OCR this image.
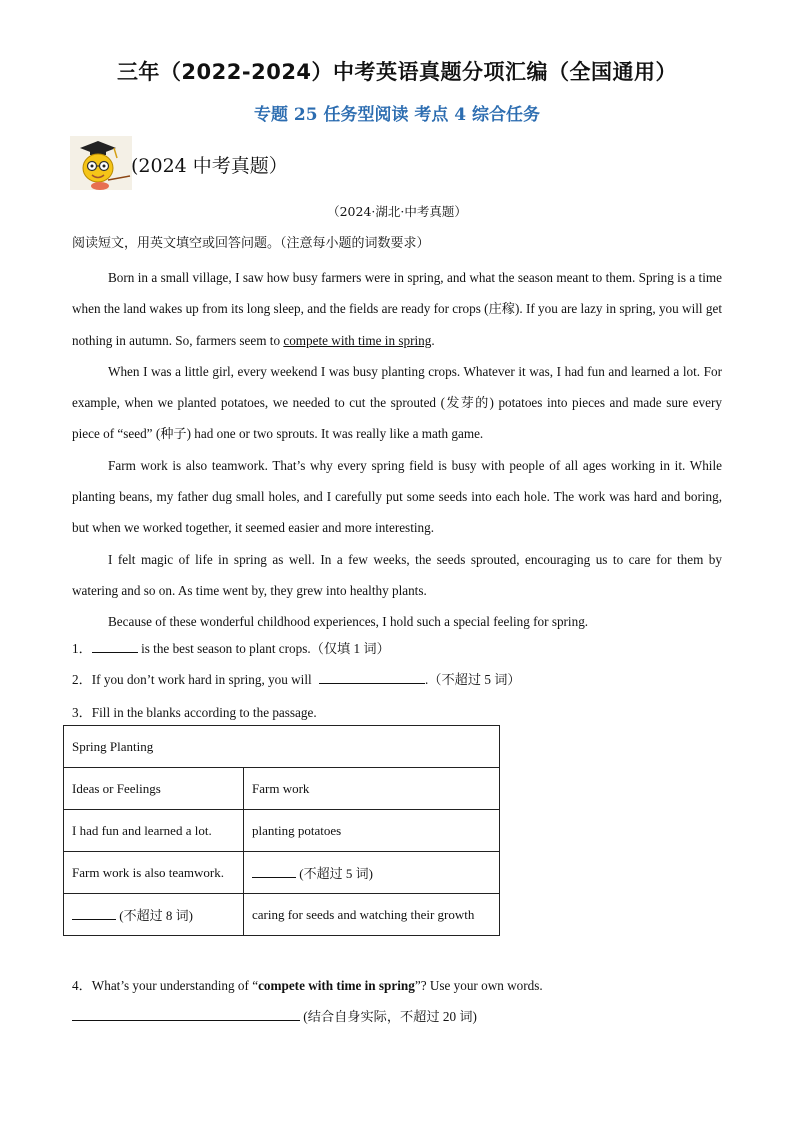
三年（2022-2024）中考英语真题分项汇编（全国通用）
专题 25 任务型阅读 考点 4 综合任务
(2024 中考真题）
（2024·湖北·中考真题）
阅读短文，用英文填空或回答问题。（注意每小题的词数要求）

Born in a small village, I saw how busy farmers were in spring, and what the season meant to them. Spring is a time when the land wakes up from its long sleep, and the fields are ready for crops (庄稼). If you are lazy in spring, you will get nothing in autumn. So, farmers seem to compete with time in spring.

When I was a little girl, every weekend I was busy planting crops. Whatever it was, I had fun and learned a lot. For example, when we planted potatoes, we needed to cut the sprouted (发芽的) potatoes into pieces and made sure every piece of “seed” (种子) had one or two sprouts. It was really like a math game.

Farm work is also teamwork. That’s why every spring field is busy with people of all ages working in it. While planting beans, my father dug small holes, and I carefully put some seeds into each hole. The work was hard and boring, but when we worked together, it seemed easier and more interesting.

I felt magic of life in spring as well. In a few weeks, the seeds sprouted, encouraging us to care for them by watering and so on. As time went by, they grew into healthy plants.

Because of these wonderful childhood experiences, I hold such a special feeling for spring.

1．	is the best season to plant crops.（仅填 1 词）
2．If you don’t work hard in spring, you will	.（不超过 5 词）
3．Fill in the blanks according to the passage.
Spring Planting	
Ideas or Feelings	Farm work
I had fun and learned a lot.	planting potatoes
Farm work is also teamwork.	(不超过 5 词)
(不超过 8 词)	caring for seeds and watching their growth
4．What’s your understanding of “compete with time in spring”? Use your own words.
(结合自身实际，不超过 20 词)
